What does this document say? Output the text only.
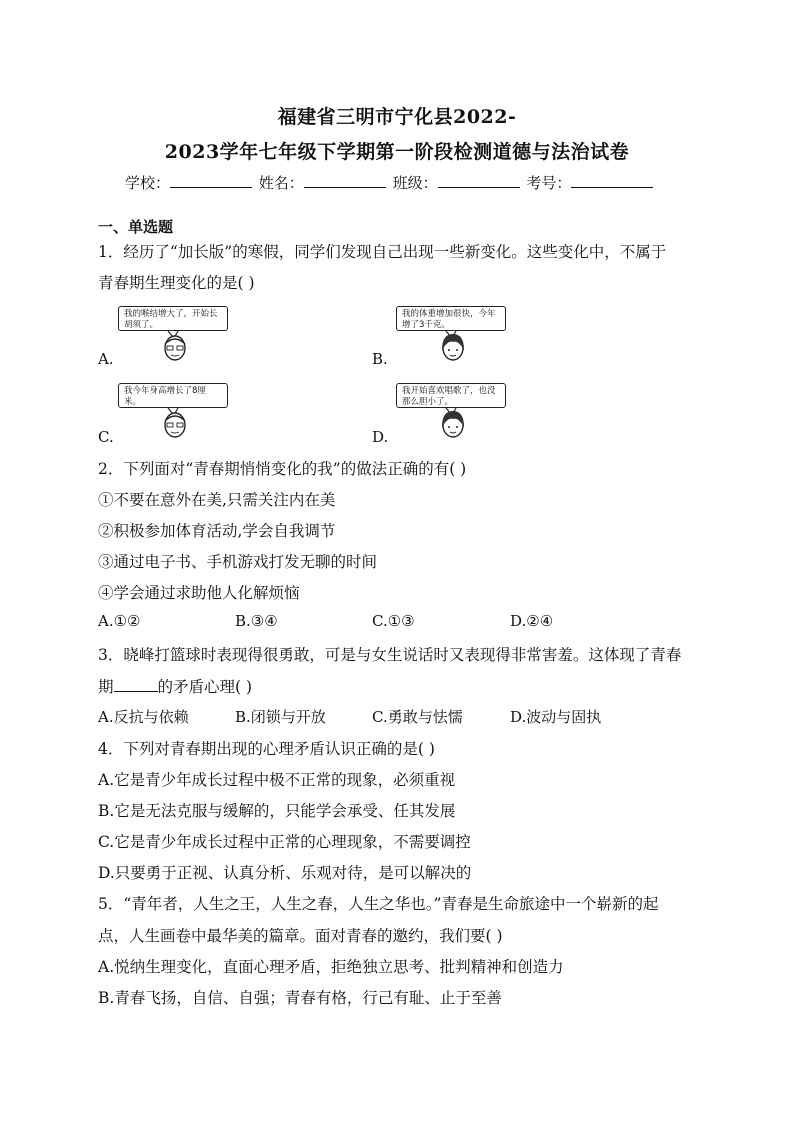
福建省三明市宁化县2022-
2023学年七年级下学期第一阶段检测道德与法治试卷
学校：	姓名：	班级：	考号：
一、单选题
1．经历了“加长版”的寒假，同学们发现自己出现一些新变化。这些变化中，不属于
青春期生理变化的是( )
我的喉结增大了，开始长胡须了。
A.
我的体重增加很快，今年增了3千克。
B.
我今年身高增长了8厘米。
C.
我开始喜欢唱歌了，也没那么胆小了。
D.
2．下列面对“青春期悄悄变化的我”的做法正确的有( )
①不要在意外在美,只需关注内在美
②积极参加体育活动,学会自我调节
③通过电子书、手机游戏打发无聊的时间
④学会通过求助他人化解烦恼
A.①②	B.③④	C.①③	D.②④
3．晓峰打篮球时表现得很勇敢，可是与女生说话时又表现得非常害羞。这体现了青春
期	的矛盾心理( )
A.反抗与依赖	B.闭锁与开放	C.勇敢与怯懦	D.波动与固执
4．下列对青春期出现的心理矛盾认识正确的是( )
A.它是青少年成长过程中极不正常的现象，必须重视
B.它是无法克服与缓解的，只能学会承受、任其发展
C.它是青少年成长过程中正常的心理现象，不需要调控
D.只要勇于正视、认真分析、乐观对待，是可以解决的
5．“青年者，人生之王，人生之春，人生之华也。”青春是生命旅途中一个崭新的起
点，人生画卷中最华美的篇章。面对青春的邀约，我们要( )
A.悦纳生理变化，直面心理矛盾，拒绝独立思考、批判精神和创造力
B.青春飞扬，自信、自强；青春有格，行己有耻、止于至善
